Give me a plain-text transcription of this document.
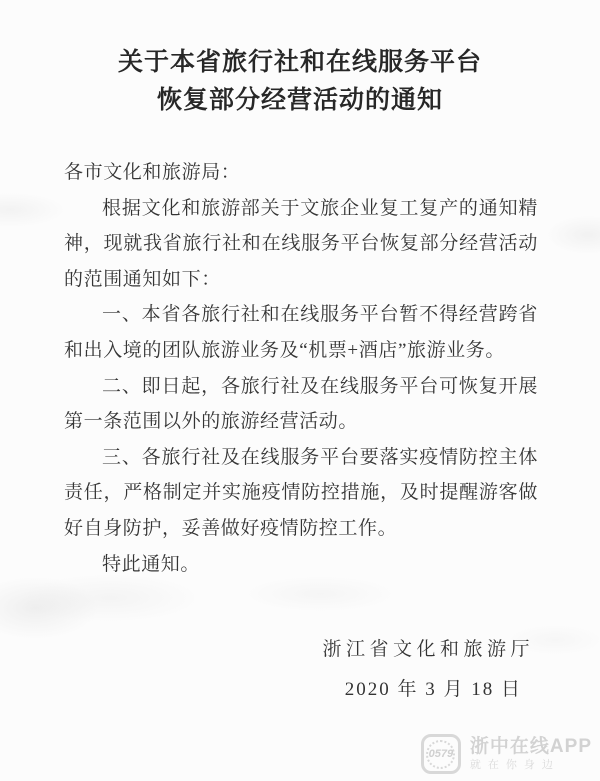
关于本省旅行社和在线服务平台
恢复部分经营活动的通知

各市文化和旅游局：

根据文化和旅游部关于文旅企业复工复产的通知精神，现就我省旅行社和在线服务平台恢复部分经营活动的范围通知如下：

一、本省各旅行社和在线服务平台暂不得经营跨省和出入境的团队旅游业务及“机票+酒店”旅游业务。

二、即日起，各旅行社及在线服务平台可恢复开展第一条范围以外的旅游经营活动。

三、各旅行社及在线服务平台要落实疫情防控主体责任，严格制定并实施疫情防控措施，及时提醒游客做好自身防护，妥善做好疫情防控工作。

特此通知。

浙江省文化和旅游厅
2020 年 3 月 18 日
0579 浙中在线APP
就在你身边
